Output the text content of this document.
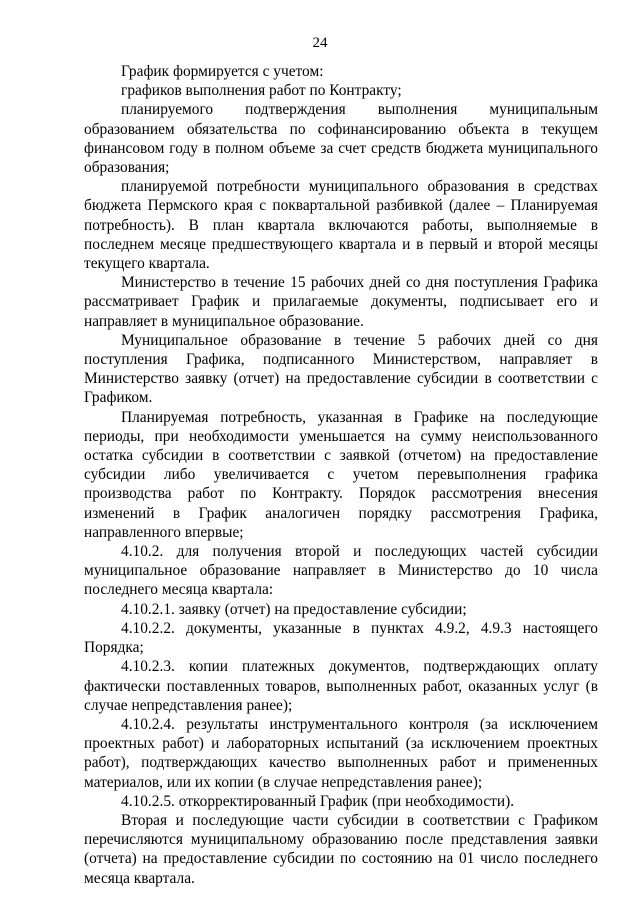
24

График формируется с учетом:

графиков выполнения работ по Контракту;

планируемого подтверждения выполнения муниципальным образованием обязательства по софинансированию объекта в текущем финансовом году в полном объеме за счет средств бюджета муниципального образования;

планируемой потребности муниципального образования в средствах бюджета Пермского края с поквартальной разбивкой (далее – Планируемая потребность). В план квартала включаются работы, выполняемые в последнем месяце предшествующего квартала и в первый и второй месяцы текущего квартала.

Министерство в течение 15 рабочих дней со дня поступления Графика рассматривает График и прилагаемые документы, подписывает его и направляет в муниципальное образование.

Муниципальное образование в течение 5 рабочих дней со дня поступления Графика, подписанного Министерством, направляет в Министерство заявку (отчет) на предоставление субсидии в соответствии с Графиком.

Планируемая потребность, указанная в Графике на последующие периоды, при необходимости уменьшается на сумму неиспользованного остатка субсидии в соответствии с заявкой (отчетом) на предоставление субсидии либо увеличивается с учетом перевыполнения графика производства работ по Контракту. Порядок рассмотрения внесения изменений в График аналогичен порядку рассмотрения Графика, направленного впервые;

4.10.2. для получения второй и последующих частей субсидии муниципальное образование направляет в Министерство до 10 числа последнего месяца квартала:

4.10.2.1. заявку (отчет) на предоставление субсидии;

4.10.2.2. документы, указанные в пунктах 4.9.2, 4.9.3 настоящего Порядка;

4.10.2.3. копии платежных документов, подтверждающих оплату фактически поставленных товаров, выполненных работ, оказанных услуг (в случае непредставления ранее);

4.10.2.4. результаты инструментального контроля (за исключением проектных работ) и лабораторных испытаний (за исключением проектных работ), подтверждающих качество выполненных работ и примененных материалов, или их копии (в случае непредставления ранее);

4.10.2.5. откорректированный График (при необходимости).

Вторая и последующие части субсидии в соответствии с Графиком перечисляются муниципальному образованию после представления заявки (отчета) на предоставление субсидии по состоянию на 01 число последнего месяца квартала.
